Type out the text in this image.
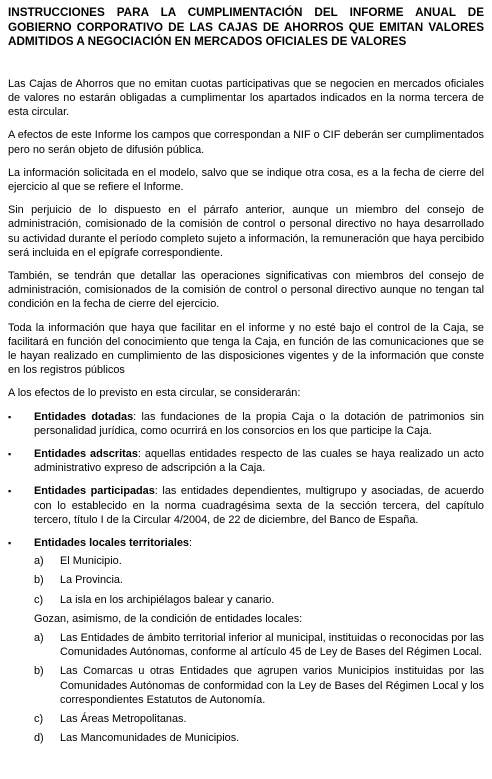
INSTRUCCIONES PARA LA CUMPLIMENTACIÓN DEL INFORME ANUAL DE GOBIERNO CORPORATIVO DE LAS CAJAS DE AHORROS QUE EMITAN VALORES ADMITIDOS A NEGOCIACIÓN EN MERCADOS OFICIALES DE VALORES

Las Cajas de Ahorros que no emitan cuotas participativas que se negocien en mercados oficiales de valores no estarán obligadas a cumplimentar los apartados indicados en la norma tercera de esta circular.

A efectos de este Informe los campos que correspondan a NIF o CIF deberán ser cumplimentados pero no serán objeto de difusión pública.

La información solicitada en el modelo, salvo que se indique otra cosa, es a la fecha de cierre del ejercicio al que se refiere el Informe.

Sin perjuicio de lo dispuesto en el párrafo anterior, aunque un miembro del consejo de administración, comisionado de la comisión de control o personal directivo no haya desarrollado su actividad durante el período completo sujeto a información, la remuneración que haya percibido será incluida en el epígrafe correspondiente.

También, se tendrán que detallar las operaciones significativas con miembros del consejo de administración, comisionados de la comisión de control o personal directivo aunque no tengan tal condición en la fecha de cierre del ejercicio.

Toda la información que haya que facilitar en el informe y no esté bajo el control de la Caja, se facilitará en función del conocimiento que tenga la Caja, en función de las comunicaciones que se le hayan realizado en cumplimiento de las disposiciones vigentes y de la información que conste en los registros públicos

A los efectos de lo previsto en esta circular, se considerarán:

▪	Entidades dotadas: las fundaciones de la propia Caja o la dotación de patrimonios sin personalidad jurídica, como ocurrirá en los consorcios en los que participe la Caja.
▪	Entidades adscritas: aquellas entidades respecto de las cuales se haya realizado un acto administrativo expreso de adscripción a la Caja.
▪	Entidades participadas: las entidades dependientes, multigrupo y asociadas, de acuerdo con lo establecido en la norma cuadragésima sexta de la sección tercera, del capítulo tercero, título I de la Circular 4/2004, de 22 de diciembre, del Banco de España.
▪	Entidades locales territoriales:
a)	El Municipio.
b)	La Provincia.
c)	La isla en los archipiélagos balear y canario.
Gozan, asimismo, de la condición de entidades locales:
a)	Las Entidades de ámbito territorial inferior al municipal, instituidas o reconocidas por las Comunidades Autónomas, conforme al artículo 45 de Ley de Bases del Régimen Local.
b)	Las Comarcas u otras Entidades que agrupen varios Municipios instituidas por las Comunidades Autónomas de conformidad con la Ley de Bases del Régimen Local y los correspondientes Estatutos de Autonomía.
c)	Las Áreas Metropolitanas.
d)	Las Mancomunidades de Municipios.
